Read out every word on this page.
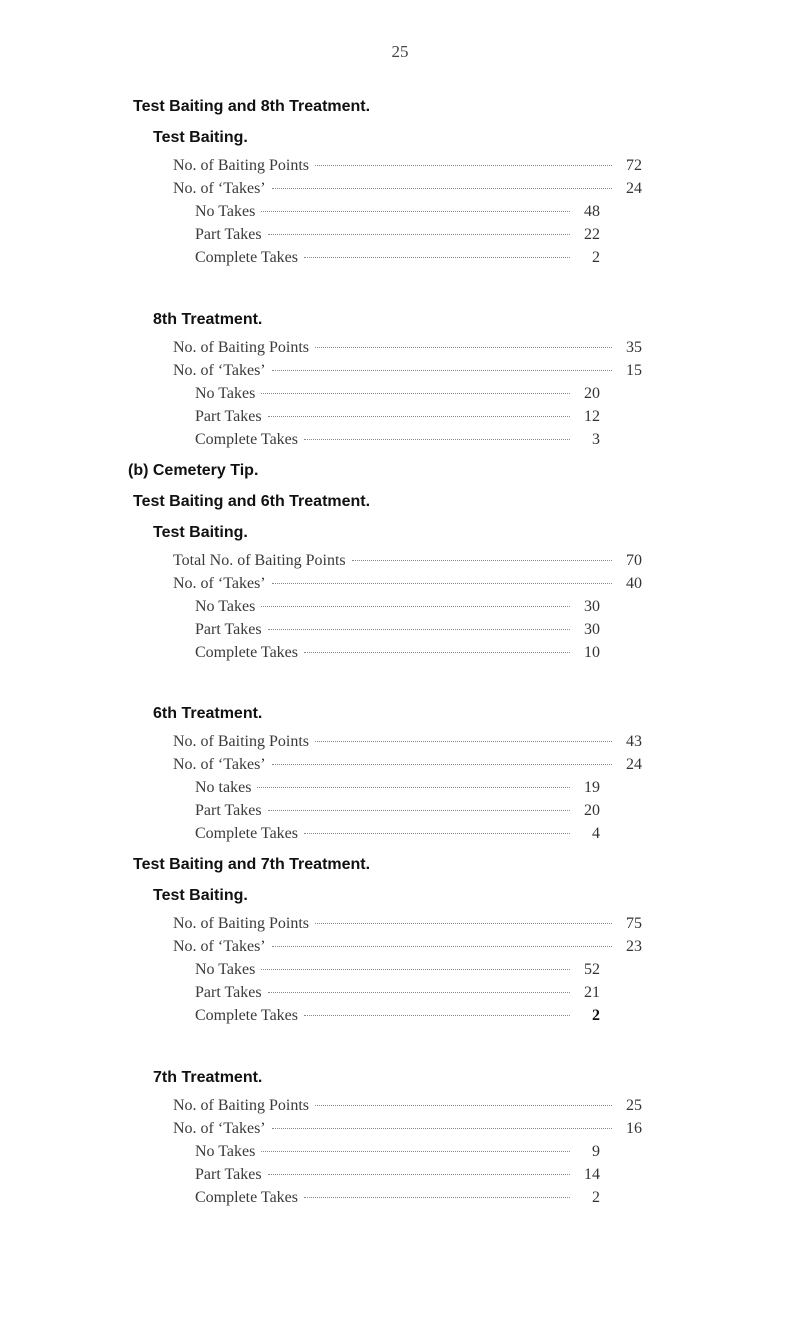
25
Test Baiting and 8th Treatment.
Test Baiting.
No. of Baiting Points	72
No. of ‘Takes’	24
No Takes	48
Part Takes	22
Complete Takes	2
8th Treatment.
No. of Baiting Points	35
No. of ‘Takes’	15
No Takes	20
Part Takes	12
Complete Takes	3
(b) Cemetery Tip.
Test Baiting and 6th Treatment.
Test Baiting.
Total No. of Baiting Points	70
No. of ‘Takes’	40
No Takes	30
Part Takes	30
Complete Takes	10
6th Treatment.
No. of Baiting Points	43
No. of ‘Takes’	24
No takes	19
Part Takes	20
Complete Takes	4
Test Baiting and 7th Treatment.
Test Baiting.
No. of Baiting Points	75
No. of ‘Takes’	23
No Takes	52
Part Takes	21
Complete Takes	2
7th Treatment.
No. of Baiting Points	25
No. of ‘Takes’	16
No Takes	9
Part Takes	14
Complete Takes	2
